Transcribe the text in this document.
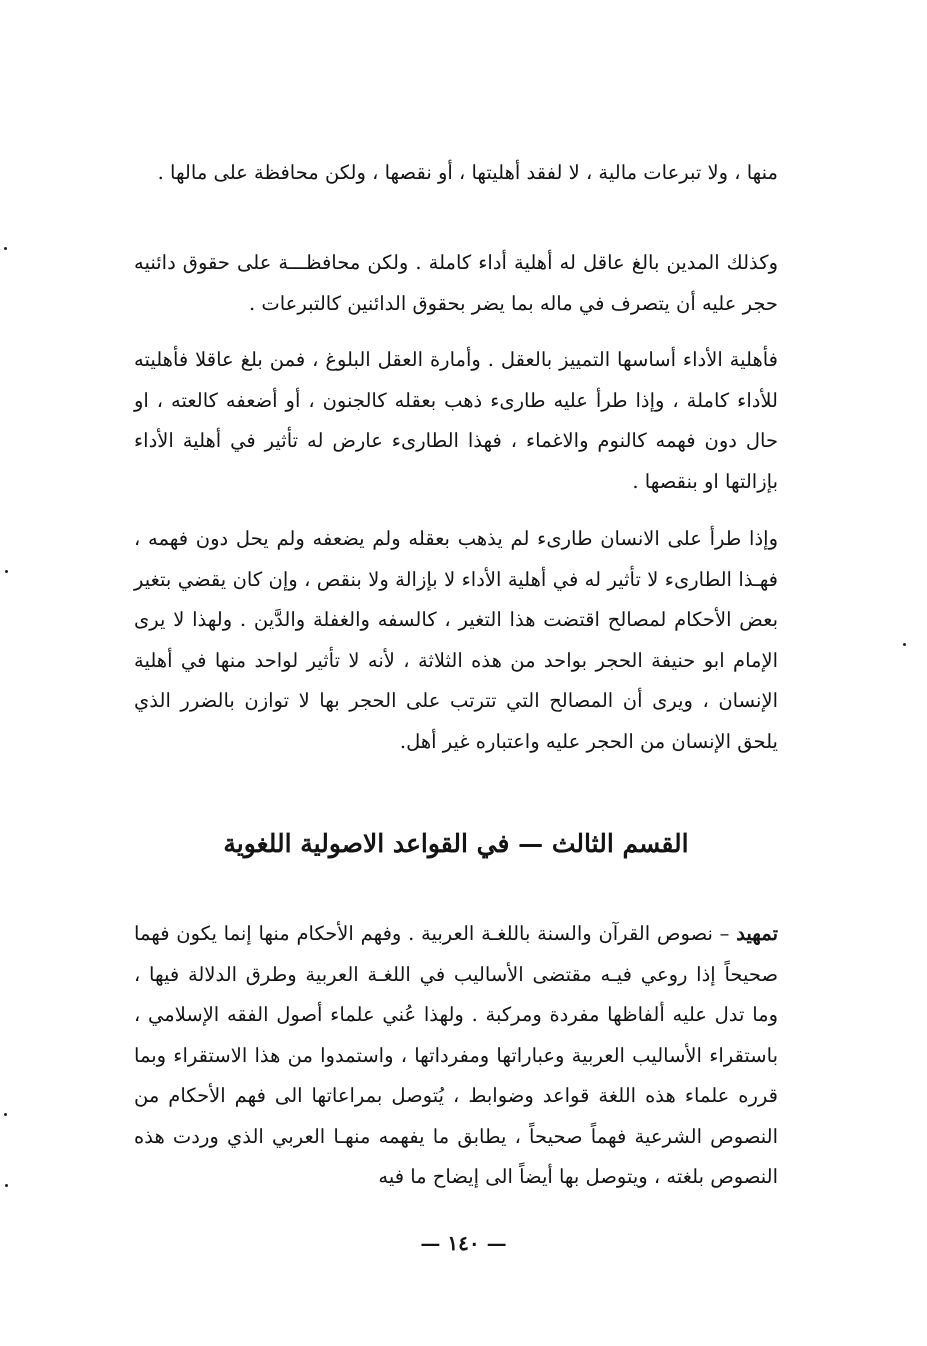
منها ، ولا تبرعات مالية ، لا لفقد أهليتها ، أو نقصها ، ولكن محافظة على مالها .

وكذلك المدين بالغ عاقل له أهلية أداء كاملة . ولكن محافظـــة على حقوق دائنيه حجر عليه أن يتصرف في ماله بما يضر بحقوق الدائنين كالتبرعات .

فأهلية الأداء أساسها التمييز بالعقل . وأمارة العقل البلوغ ، فمن بلغ عاقلا فأهليته للأداء كاملة ، وإذا طرأ عليه طارىء ذهب بعقله كالجنون ، أو أضعفه كالعته ، او حال دون فهمه كالنوم والاغماء ، فهذا الطارىء عارض له تأثير في أهلية الأداء بإزالتها او بنقصها .

وإذا طرأ على الانسان طارىء لم يذهب بعقله ولم يضعفه ولم يحل دون فهمه ، فهـذا الطارىء لا تأثير له في أهلية الأداء لا بإزالة ولا بنقص ، وإن كان يقضي بتغير بعض الأحكام لمصالح اقتضت هذا التغير ، كالسفه والغفلة والدَّين . ولهذا لا يرى الإمام ابو حنيفة الحجر بواحد من هذه الثلاثة ، لأنه لا تأثير لواحد منها في أهلية الإنسان ، ويرى أن المصالح التي تترتب على الحجر بها لا توازن بالضرر الذي يلحق الإنسان من الحجر عليه واعتباره غير أهل.

القسم الثالث — في القواعد الاصولية اللغوية

تمهيد – نصوص القرآن والسنة باللغـة العربية . وفهم الأحكام منها إنما يكون فهما صحيحاً إذا روعي فيـه مقتضى الأساليب في اللغـة العربية وطرق الدلالة فيها ، وما تدل عليه ألفاظها مفردة ومركبة . ولهذا عُني علماء أصول الفقه الإسلامي ، باستقراء الأساليب العربية وعباراتها ومفرداتها ، واستمدوا من هذا الاستقراء وبما قرره علماء هذه اللغة قواعد وضوابط ، يُتوصل بمراعاتها الى فهم الأحكام من النصوص الشرعية فهماً صحيحاً ، يطابق ما يفهمه منهـا العربي الذي وردت هذه النصوص بلغته ، ويتوصل بها أيضاً الى إيضاح ما فيه

— ١٤٠ —
